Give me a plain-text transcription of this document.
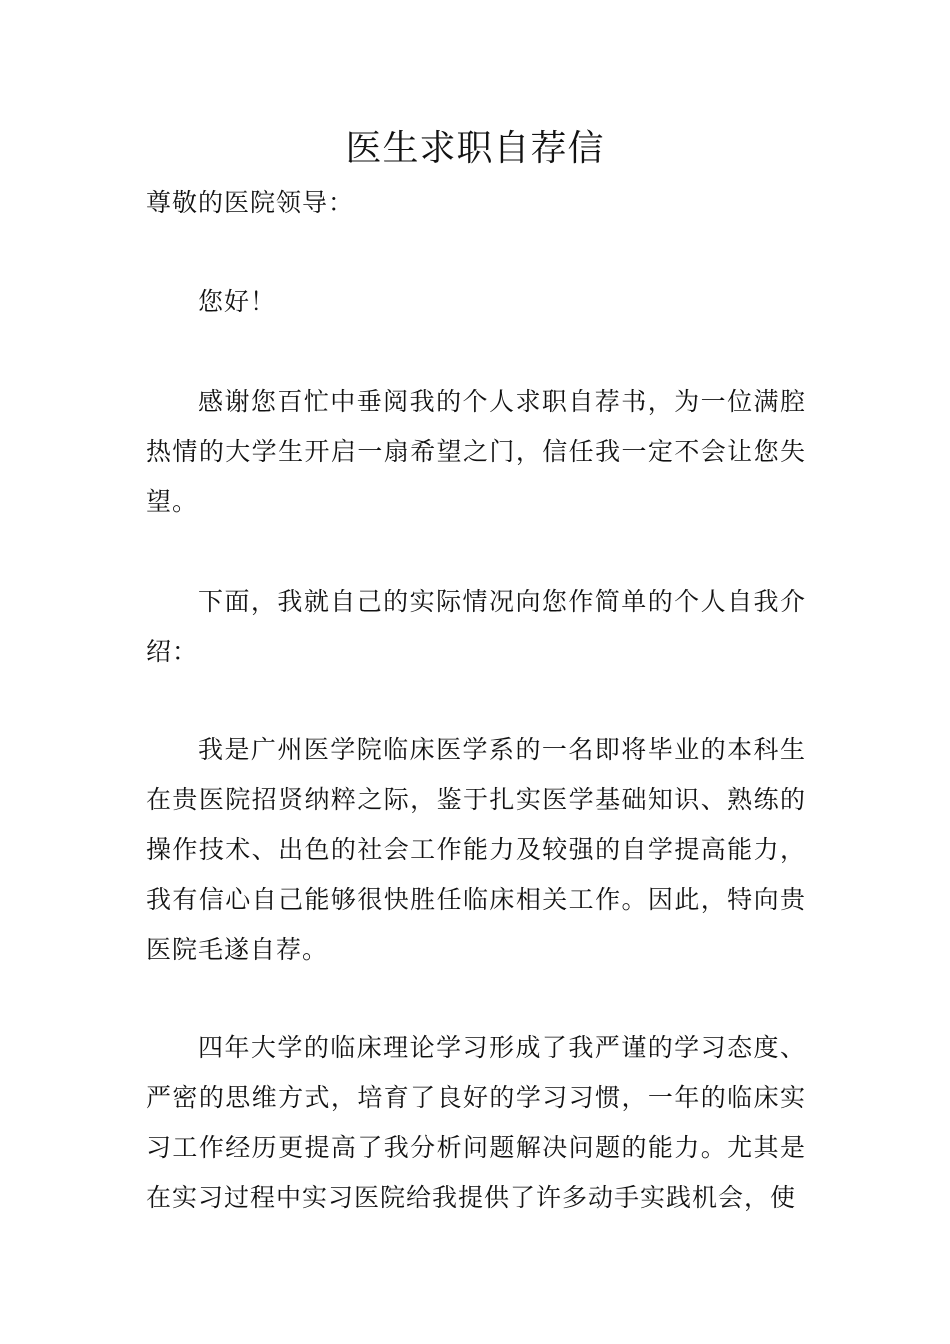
医生求职自荐信

尊敬的医院领导：

您好！

感谢您百忙中垂阅我的个人求职自荐书，为一位满腔热情的大学生开启一扇希望之门，信任我一定不会让您失望。

下面，我就自己的实际情况向您作简单的个人自我介绍：

我是广州医学院临床医学系的一名即将毕业的本科生在贵医院招贤纳粹之际，鉴于扎实医学基础知识、熟练的操作技术、出色的社会工作能力及较强的自学提高能力，我有信心自己能够很快胜任临床相关工作。因此，特向贵医院毛遂自荐。

四年大学的临床理论学习形成了我严谨的学习态度、严密的思维方式，培育了良好的学习习惯，一年的临床实习工作经历更提高了我分析问题解决问题的能力。尤其是在实习过程中实习医院给我提供了许多动手实践机会，使
